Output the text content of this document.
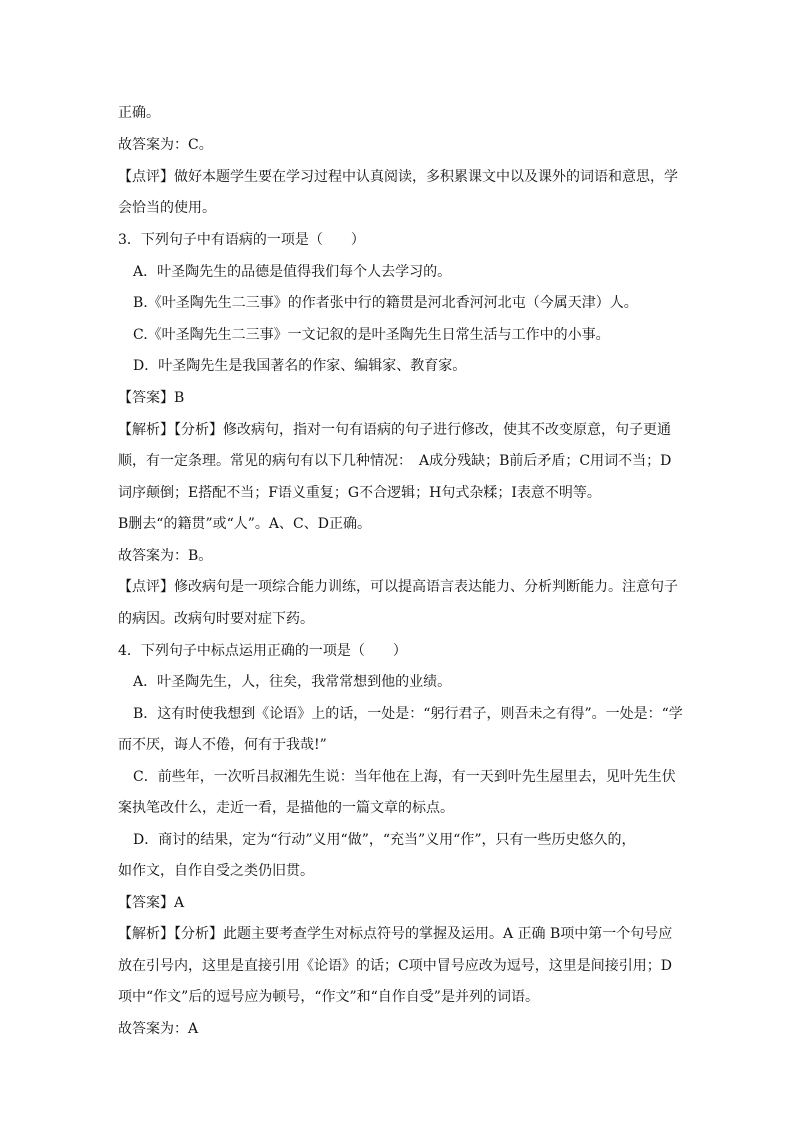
正确。
故答案为：C。
【点评】做好本题学生要在学习过程中认真阅读，多积累课文中以及课外的词语和意思，学
会恰当的使用。
3．下列句子中有语病的一项是（　　）
A．叶圣陶先生的品德是值得我们每个人去学习的。
B.《叶圣陶先生二三事》的作者张中行的籍贯是河北香河河北屯（今属天津）人。
C.《叶圣陶先生二三事》一文记叙的是叶圣陶先生日常生活与工作中的小事。
D．叶圣陶先生是我国著名的作家、编辑家、教育家。
【答案】B
【解析】【分析】修改病句，指对一句有语病的句子进行修改，使其不改变原意，句子更通
顺，有一定条理。常见的病句有以下几种情况：　A成分残缺；B前后矛盾；C用词不当；D
词序颠倒；E搭配不当；F语义重复；G不合逻辑；H句式杂糅；I表意不明等。
B删去“的籍贯”或“人”。A、C、D正确。
故答案为：B。
【点评】修改病句是一项综合能力训练，可以提高语言表达能力、分析判断能力。注意句子
的病因。改病句时要对症下药。
4．下列句子中标点运用正确的一项是（　　）
A．叶圣陶先生，人，往矣，我常常想到他的业绩。
B．这有时使我想到《论语》上的话，一处是：“躬行君子，则吾未之有得”。一处是：“学
而不厌，诲人不倦，何有于我哉!”
C．前些年，一次听吕叔湘先生说：当年他在上海，有一天到叶先生屋里去，见叶先生伏
案执笔改什么，走近一看，是描他的一篇文章的标点。
D．商讨的结果，定为“行动”义用“做”，“充当”义用“作”，只有一些历史悠久的，
如作文，自作自受之类仍旧贯。
【答案】A
【解析】【分析】此题主要考查学生对标点符号的掌握及运用。A 正确 B项中第一个句号应
放在引号内，这里是直接引用《论语》的话；C项中冒号应改为逗号，这里是间接引用；D
项中“作文”后的逗号应为顿号，“作文”和“自作自受”是并列的词语。
故答案为：A
